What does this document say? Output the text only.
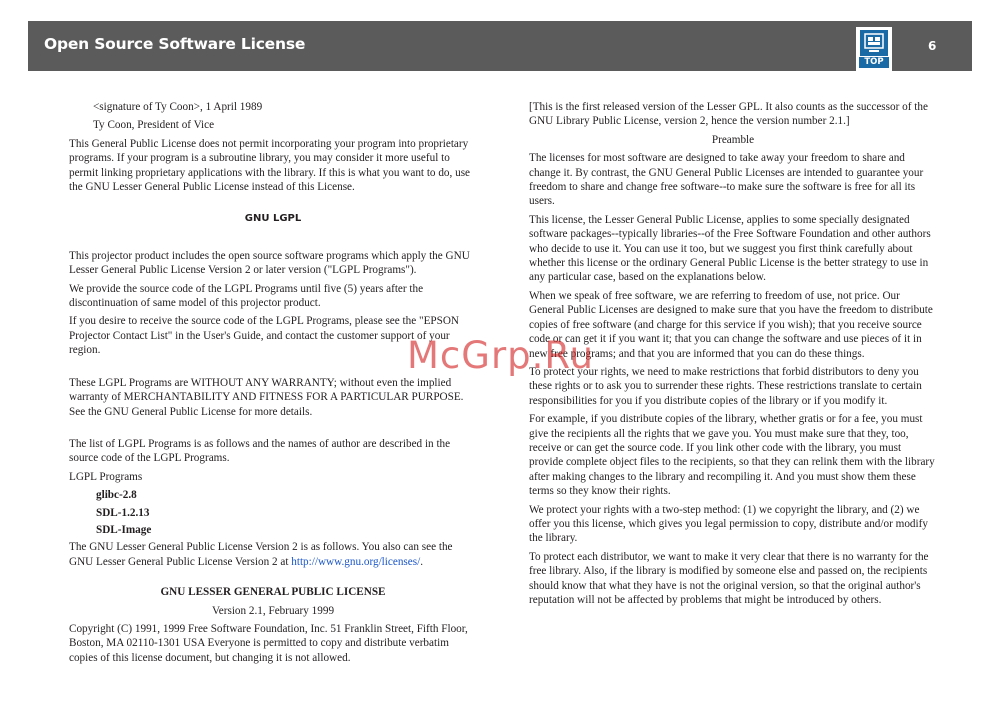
Open Source Software License
TOP
6

<signature of Ty Coon>, 1 April 1989

Ty Coon, President of Vice

This General Public License does not permit incorporating your program into proprietary programs. If your program is a subroutine library, you may consider it more useful to permit linking proprietary applications with the library. If this is what you want to do, use the GNU Lesser General Public License instead of this License.

GNU LGPL

This projector product includes the open source software programs which apply the GNU Lesser General Public License Version 2 or later version ("LGPL Programs").

We provide the source code of the LGPL Programs until five (5) years after the discontinuation of same model of this projector product.

If you desire to receive the source code of the LGPL Programs, please see the "EPSON Projector Contact List" in the User's Guide, and contact the customer support of your region.

These LGPL Programs are WITHOUT ANY WARRANTY; without even the implied warranty of MERCHANTABILITY AND FITNESS FOR A PARTICULAR PURPOSE. See the GNU General Public License for more details.

The list of LGPL Programs is as follows and the names of author are described in the source code of the LGPL Programs.

LGPL Programs

glibc-2.8

SDL-1.2.13

SDL-Image

The GNU Lesser General Public License Version 2 is as follows. You also can see the GNU Lesser General Public License Version 2 at http://www.gnu.org/licenses/.

GNU LESSER GENERAL PUBLIC LICENSE

Version 2.1, February 1999

Copyright (C) 1991, 1999 Free Software Foundation, Inc. 51 Franklin Street, Fifth Floor, Boston, MA 02110-1301 USA Everyone is permitted to copy and distribute verbatim copies of this license document, but changing it is not allowed.

[This is the first released version of the Lesser GPL. It also counts as the successor of the GNU Library Public License, version 2, hence the version number 2.1.]

Preamble

The licenses for most software are designed to take away your freedom to share and change it. By contrast, the GNU General Public Licenses are intended to guarantee your freedom to share and change free software--to make sure the software is free for all its users.

This license, the Lesser General Public License, applies to some specially designated software packages--typically libraries--of the Free Software Foundation and other authors who decide to use it. You can use it too, but we suggest you first think carefully about whether this license or the ordinary General Public License is the better strategy to use in any particular case, based on the explanations below.

When we speak of free software, we are referring to freedom of use, not price. Our General Public Licenses are designed to make sure that you have the freedom to distribute copies of free software (and charge for this service if you wish); that you receive source code or can get it if you want it; that you can change the software and use pieces of it in new free programs; and that you are informed that you can do these things.

To protect your rights, we need to make restrictions that forbid distributors to deny you these rights or to ask you to surrender these rights. These restrictions translate to certain responsibilities for you if you distribute copies of the library or if you modify it.

For example, if you distribute copies of the library, whether gratis or for a fee, you must give the recipients all the rights that we gave you. You must make sure that they, too, receive or can get the source code. If you link other code with the library, you must provide complete object files to the recipients, so that they can relink them with the library after making changes to the library and recompiling it. And you must show them these terms so they know their rights.

We protect your rights with a two-step method: (1) we copyright the library, and (2) we offer you this license, which gives you legal permission to copy, distribute and/or modify the library.

To protect each distributor, we want to make it very clear that there is no warranty for the free library. Also, if the library is modified by someone else and passed on, the recipients should know that what they have is not the original version, so that the original author's reputation will not be affected by problems that might be introduced by others.

McGrp.Ru
